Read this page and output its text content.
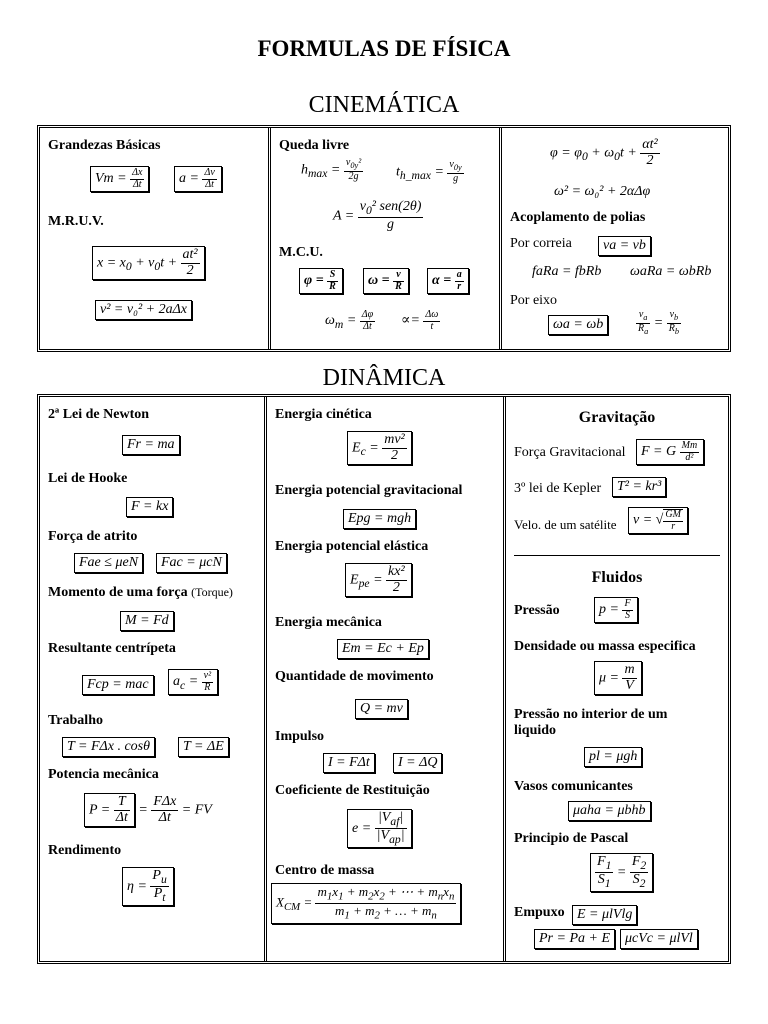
FORMULAS DE FÍSICA
CINEMÁTICA
Grandezas Básicas
$Vm = \frac{\Delta x}{\Delta t}$	$a = \frac{\Delta v}{\Delta t}$
M.R.U.V.
$x = x_0 + v_0t + \frac{\text{at²}}{2}$
v² = v₀² + 2aΔx
Queda livre
$h_{max} = \frac{v_{0y}^2}{2g} t_{h\_max} = \frac{v_{0y}}{g}$
A =
$v_0^2$ sen(2θ)
g
M.C.U.
$\varphi = \frac{S}{R}$	$\omega = \frac{v}{R}$	$\alpha = \frac{a}{r}$
$\omega_m = \frac{\Delta\varphi}{\Delta t} \propto= \frac{\Delta\omega}{t}$
$\varphi = \varphi_0 + \omega_0t + \frac{\text{αt²}}{2}$
ω² = ω₀² + 2αΔφ
Acoplamento de polias
Por correia	va = vb
faRa = fbRb ωaRa = ωbRb
Por eixo
ωa = ωb	$\frac{v_a}{R_a} = \frac{v_b}{R_b}$
DINÂMICA
2ª Lei de Newton
Fr = ma
Lei de Hooke
F = kx
Força de atrito
Fae ≤ μeN	Fac = μcN
Momento de uma força (Torque)
M = Fd
Resultante centrípeta
Fcp = mac	$a_c = \frac{\text{v²}}{R}$
Trabalho
T = FΔx . cosθ	T = ΔE
Potencia mecânica
$P = \frac{T}{\Delta t}$ =
FΔx
Δt = FV
Rendimento
$\eta = \frac{P_u}{P_t}$
Energia cinética
$E_c = \frac{\text{mv²}}{2}$
Energia potencial gravitacional
Epg = mgh
Energia potencial elástica
$E_{pe} = \frac{\text{kx²}}{2}$
Energia mecânica
Em = Ec + Ep
Quantidade de movimento
Q = mv
Impulso
I = FΔt	I = ΔQ
Coeficiente de Restituição
e =
$|V_{af}|$
$|V_{ap}|$
Centro de massa
$X_{CM}$ =
$m_1x_1 + m_2x_2$ + ⋯ + $m_nx_n$
$m_1 + m_2$ + … + $m_n$
Gravitação
Força Gravitacional	F = G $\frac{Mm}{\text{d²}}$
3º lei de Kepler	T² = kr³
Velo. de um satélite	v = √ $\frac{GM}{r}$
Fluidos
Pressão	$p = \frac{F}{S}$
Densidade ou massa especifica
$\mu = \frac{m}{V}$
Pressão no interior de um liquido
pl = μgh
Vasos comunicantes
μaha = μbhb
Principio de Pascal
$\frac{F_1}{S_1} = \frac{F_2}{S_2}$
Empuxo E = μlVlg
Pr = Pa + E	μcVc = μlVl
